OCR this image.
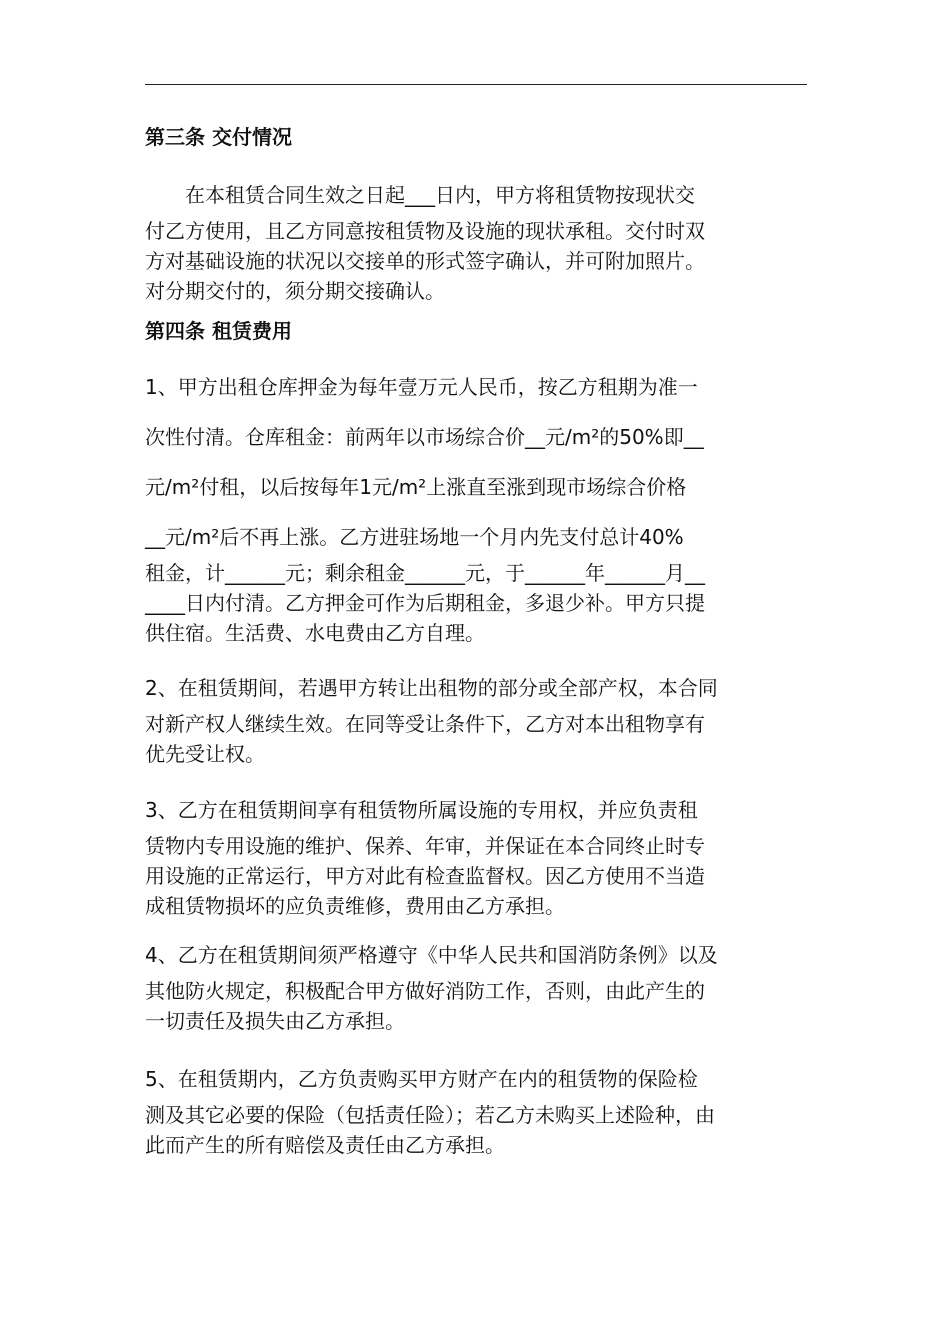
第三条 交付情况
在本租赁合同生效之日起___日内，甲方将租赁物按现状交
付乙方使用，且乙方同意按租赁物及设施的现状承租。交付时双
方对基础设施的状况以交接单的形式签字确认，并可附加照片。
对分期交付的，须分期交接确认。
第四条 租赁费用
1、甲方出租仓库押金为每年壹万元人民币，按乙方租期为准一
次性付清。仓库租金：前两年以市场综合价__元/m²的50%即__
元/m²付租，以后按每年1元/m²上涨直至涨到现市场综合价格
__元/m²后不再上涨。乙方进驻场地一个月内先支付总计40%
租金，计______元；剩余租金______元，于______年______月__
____日内付清。乙方押金可作为后期租金，多退少补。甲方只提
供住宿。生活费、水电费由乙方自理。
2、在租赁期间，若遇甲方转让出租物的部分或全部产权，本合同
对新产权人继续生效。在同等受让条件下，乙方对本出租物享有
优先受让权。
3、乙方在租赁期间享有租赁物所属设施的专用权，并应负责租
赁物内专用设施的维护、保养、年审，并保证在本合同终止时专
用设施的正常运行，甲方对此有检查监督权。因乙方使用不当造
成租赁物损坏的应负责维修，费用由乙方承担。
4、乙方在租赁期间须严格遵守《中华人民共和国消防条例》以及
其他防火规定，积极配合甲方做好消防工作，否则，由此产生的
一切责任及损失由乙方承担。
5、在租赁期内，乙方负责购买甲方财产在内的租赁物的保险检
测及其它必要的保险（包括责任险）；若乙方未购买上述险种，由
此而产生的所有赔偿及责任由乙方承担。
